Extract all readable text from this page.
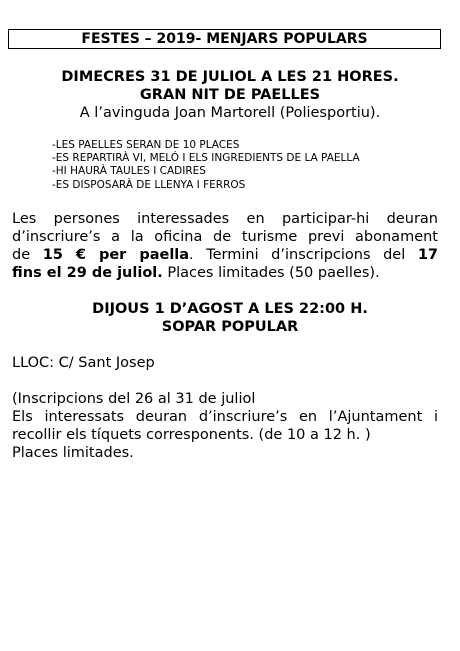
FESTES – 2019- MENJARS POPULARS
DIMECRES 31 DE JULIOL A LES 21 HORES.
GRAN NIT DE PAELLES
A l’avinguda Joan Martorell (Poliesportiu).
-LES PAELLES SERAN DE 10 PLACES
-ES REPARTIRÀ VI, MELÓ I ELS INGREDIENTS DE LA PAELLA
-HI HAURÀ TAULES I CADIRES
-ES DISPOSARÀ DE LLENYA I FERROS
Les persones interessades en participar-hi deuran
d’inscriure’s a la oficina de turisme previ abonament
de 15 € per paella. Termini d’inscripcions del 17
fins el 29 de juliol. Places limitades (50 paelles).
DIJOUS 1 D’AGOST A LES 22:00 H.
SOPAR POPULAR
LLOC: C/ Sant Josep
(Inscripcions del 26 al 31 de juliol
Els interessats deuran d’inscriure’s en l’Ajuntament i
recollir els tíquets corresponents. (de 10 a 12 h. )
Places limitades.
